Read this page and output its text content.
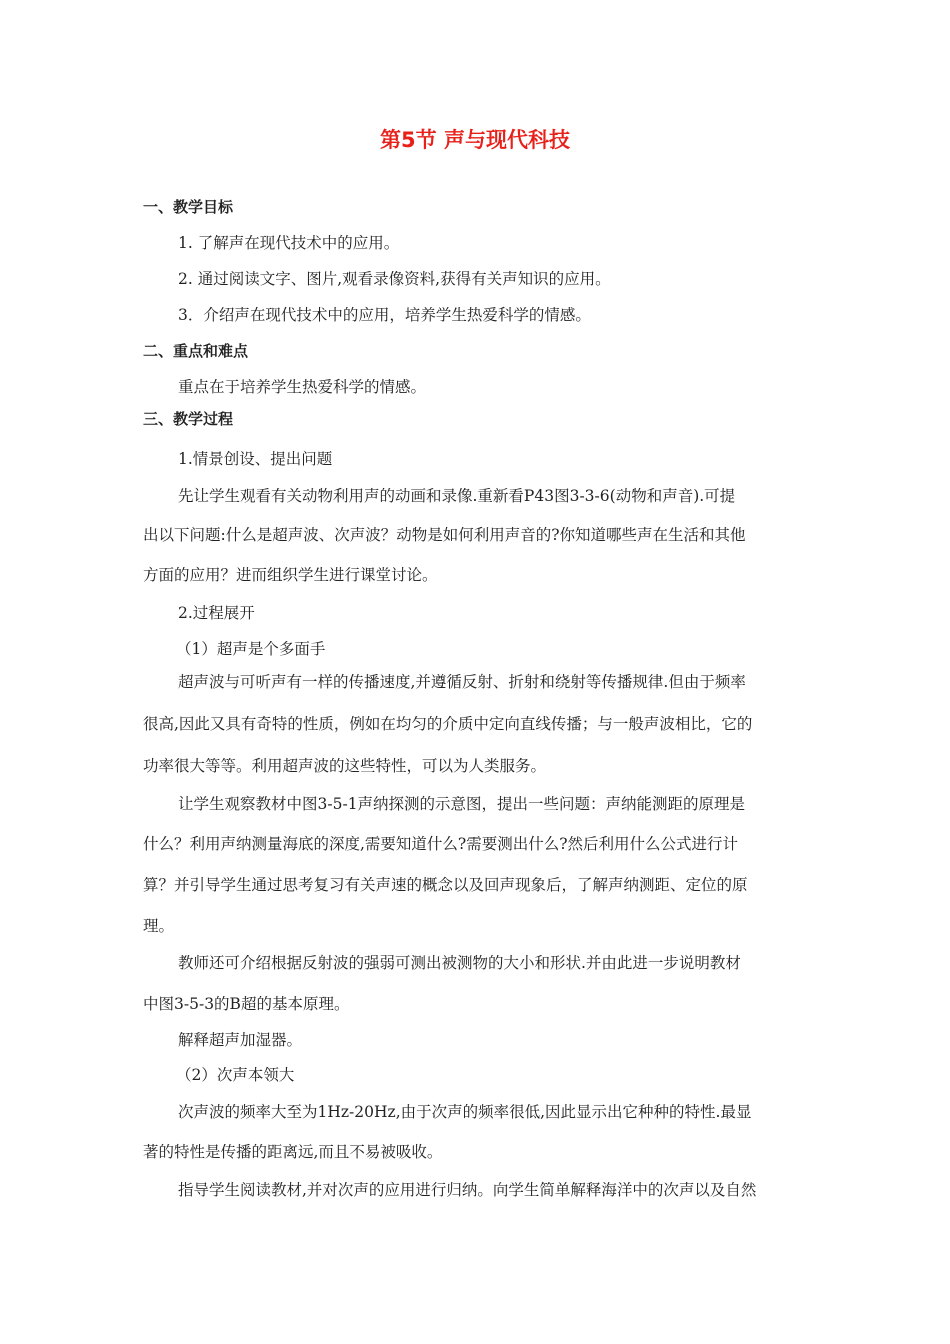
第5节 声与现代科技
一、教学目标
1. 了解声在现代技术中的应用。
2. 通过阅读文字、图片,观看录像资料,获得有关声知识的应用。
3．介绍声在现代技术中的应用，培养学生热爱科学的情感。
二、重点和难点
重点在于培养学生热爱科学的情感。
三、教学过程
1.情景创设、提出问题
先让学生观看有关动物利用声的动画和录像.重新看P43图3-3-6(动物和声音).可提
出以下问题:什么是超声波、次声波？动物是如何利用声音的?你知道哪些声在生活和其他
方面的应用？进而组织学生进行课堂讨论。
2.过程展开
（1）超声是个多面手
超声波与可听声有一样的传播速度,并遵循反射、折射和绕射等传播规律.但由于频率
很高,因此又具有奇特的性质，例如在均匀的介质中定向直线传播；与一般声波相比，它的
功率很大等等。利用超声波的这些特性，可以为人类服务。
让学生观察教材中图3-5-1声纳探测的示意图，提出一些问题：声纳能测距的原理是
什么？利用声纳测量海底的深度,需要知道什么?需要测出什么?然后利用什么公式进行计
算？并引导学生通过思考复习有关声速的概念以及回声现象后，了解声纳测距、定位的原
理。
教师还可介绍根据反射波的强弱可测出被测物的大小和形状.并由此进一步说明教材
中图3-5-3的B超的基本原理。
解释超声加湿器。
（2）次声本领大
次声波的频率大至为1Hz-20Hz,由于次声的频率很低,因此显示出它种种的特性.最显
著的特性是传播的距离远,而且不易被吸收。
指导学生阅读教材,并对次声的应用进行归纳。向学生简单解释海洋中的次声以及自然
